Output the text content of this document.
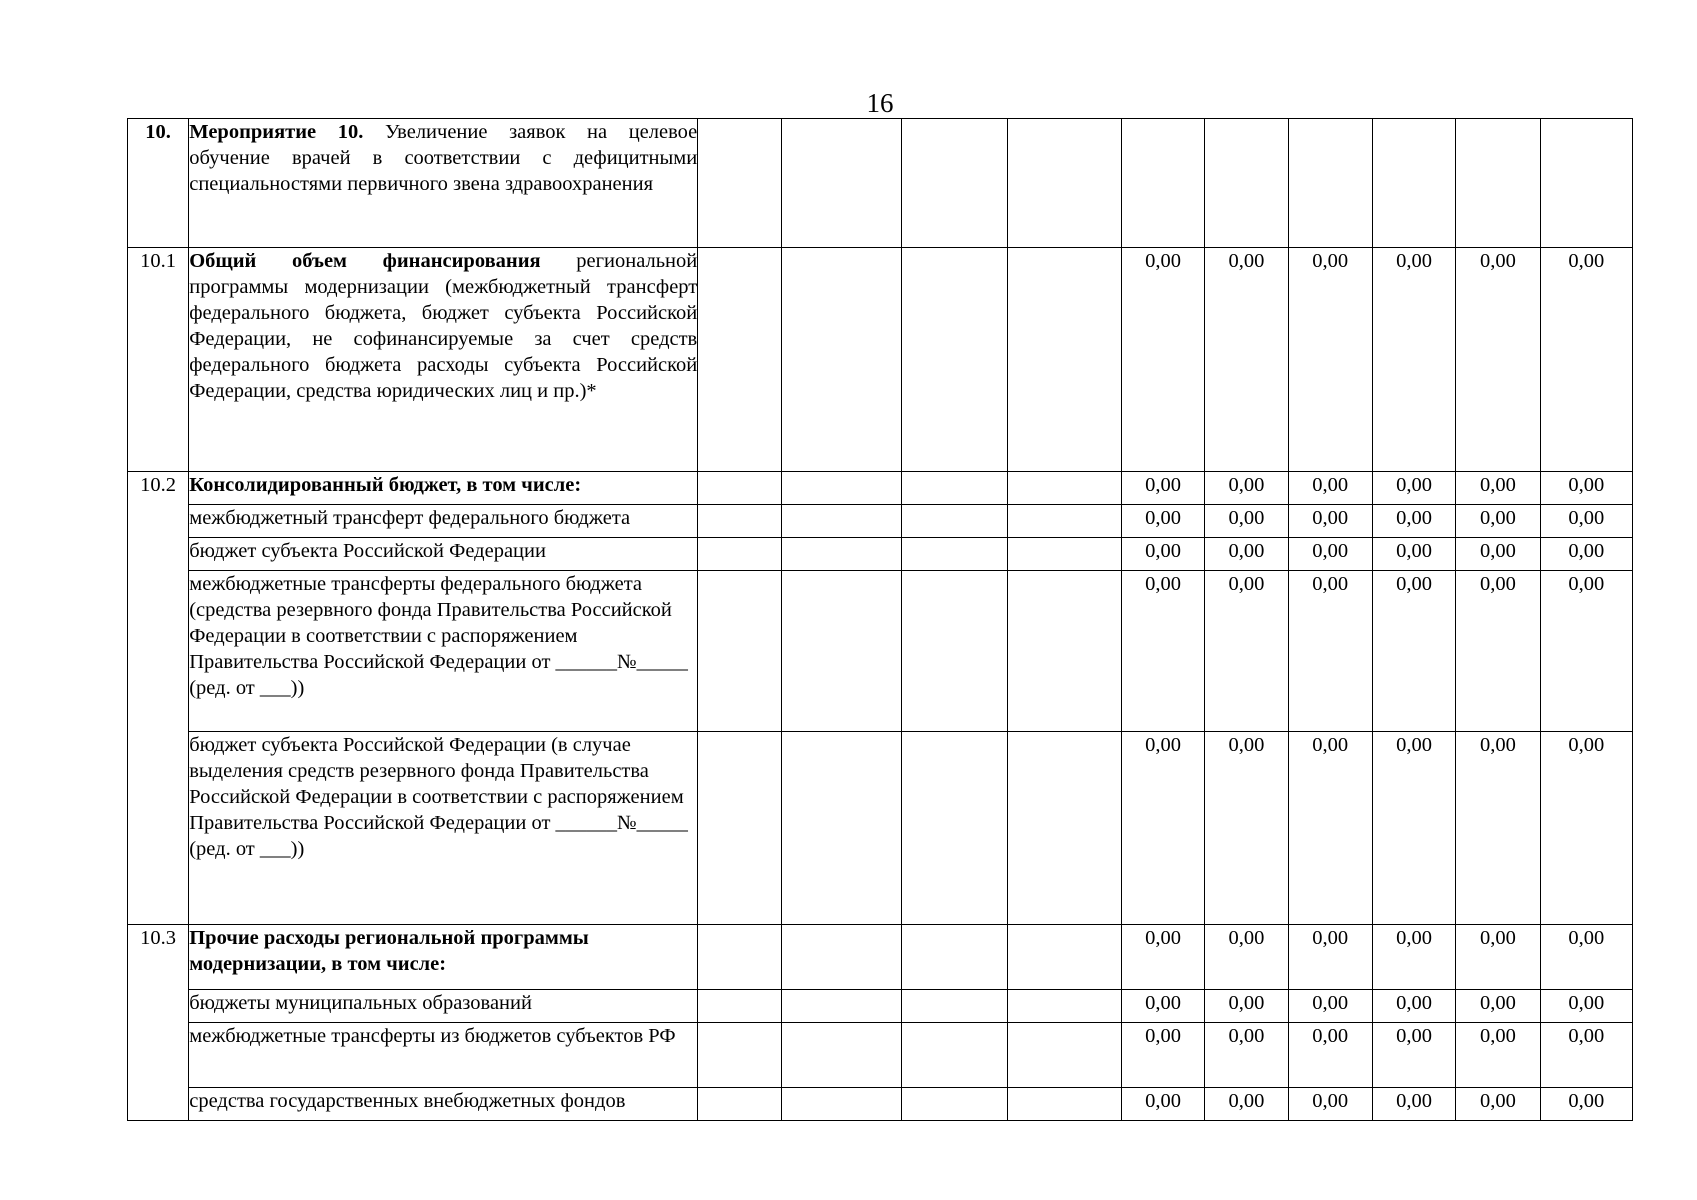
16
10.	Мероприятие 10. Увеличение заявок на целевое обучение врачей в соответствии с дефицитными специальностями первичного звена здравоохранения										
10.1	Общий объем финансирования региональной программы модернизации (межбюджетный трансферт федерального бюджета, бюджет субъекта Российской Федерации, не софинансируемые за счет средств федерального бюджета расходы субъекта Российской Федерации, средства юридических лиц и пр.)*					0,00	0,00	0,00	0,00	0,00	0,00
10.2	Консолидированный бюджет, в том числе:					0,00	0,00	0,00	0,00	0,00	0,00
	межбюджетный трансферт федерального бюджета					0,00	0,00	0,00	0,00	0,00	0,00
	бюджет субъекта Российской Федерации					0,00	0,00	0,00	0,00	0,00	0,00
	межбюджетные трансферты федерального бюджета (средства резервного фонда Правительства Российской Федерации в соответствии с распоряжением Правительства Российской Федерации от ______№_____ (ред. от ___))					0,00	0,00	0,00	0,00	0,00	0,00
	бюджет субъекта Российской Федерации (в случае выделения средств резервного фонда Правительства Российской Федерации в соответствии с распоряжением Правительства Российской Федерации от ______№_____ (ред. от ___))					0,00	0,00	0,00	0,00	0,00	0,00
10.3	Прочие расходы региональной программы модернизации, в том числе:					0,00	0,00	0,00	0,00	0,00	0,00
	бюджеты муниципальных образований					0,00	0,00	0,00	0,00	0,00	0,00
	межбюджетные трансферты из бюджетов субъектов РФ					0,00	0,00	0,00	0,00	0,00	0,00
	средства государственных внебюджетных фондов					0,00	0,00	0,00	0,00	0,00	0,00
